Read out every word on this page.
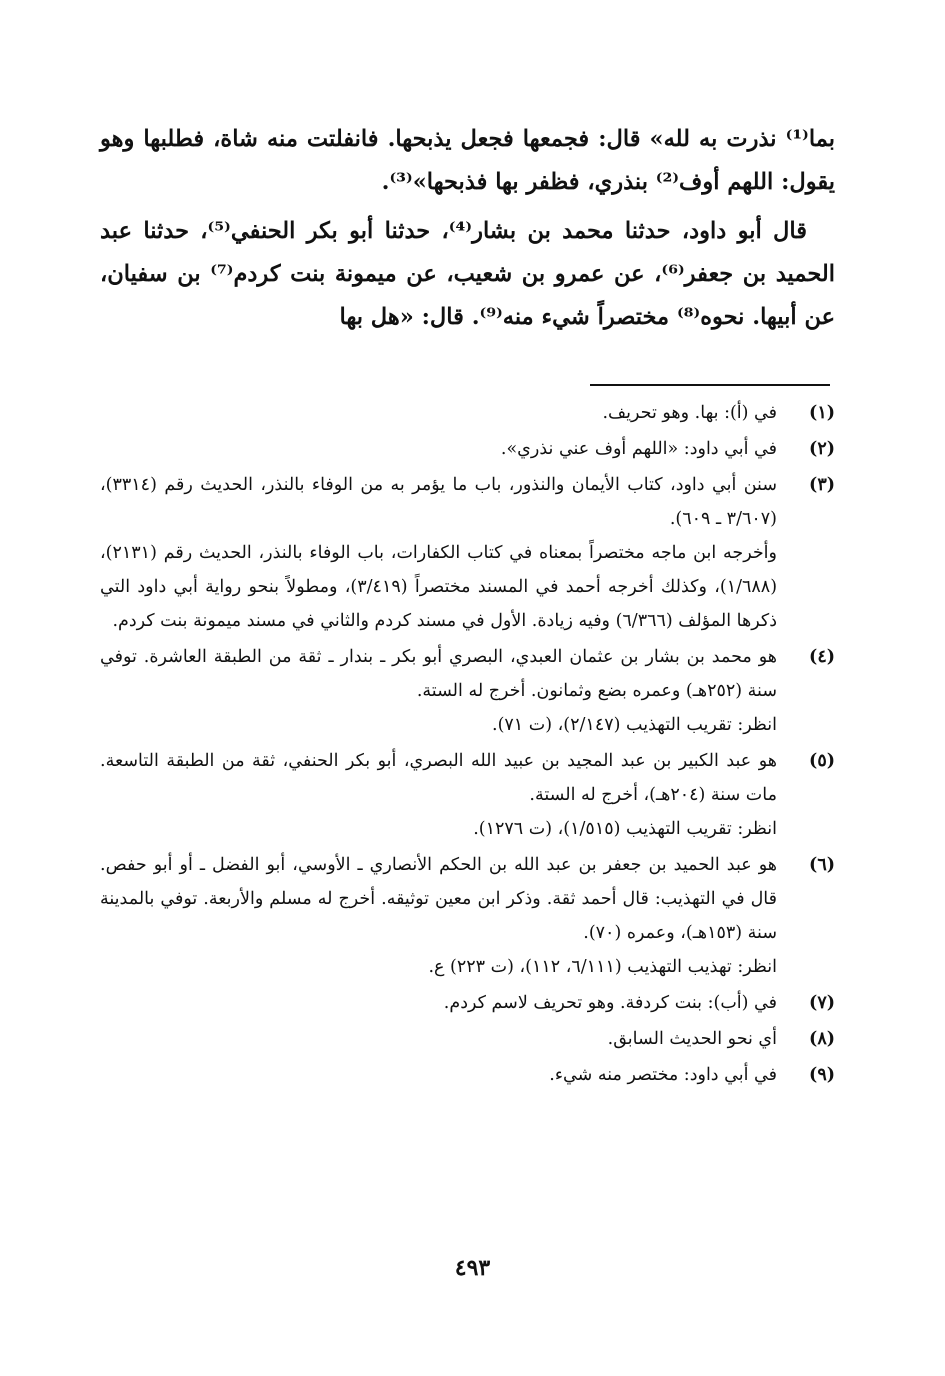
بما⁽¹⁾ نذرت به لله» قال: فجمعها فجعل يذبحها. فانفلتت منه شاة، فطلبها وهو يقول: اللهم أوف⁽²⁾ بنذري، فظفر بها فذبحها»⁽³⁾.

قال أبو داود، حدثنا محمد بن بشار⁽⁴⁾، حدثنا أبو بكر الحنفي⁽⁵⁾، حدثنا عبد الحميد بن جعفر⁽⁶⁾، عن عمرو بن شعيب، عن ميمونة بنت كردم⁽⁷⁾ بن سفيان، عن أبيها. نحوه⁽⁸⁾ مختصراً شيء منه⁽⁹⁾. قال: «هل بها

(١)
في (أ): بها. وهو تحريف.
(٢)
في أبي داود: «اللهم أوف عني نذري».
(٣)
سنن أبي داود، كتاب الأيمان والنذور، باب ما يؤمر به من الوفاء بالنذر، الحديث رقم (٣٣١٤)، (٣/٦٠٧ ـ ٦٠٩).
وأخرجه ابن ماجه مختصراً بمعناه في كتاب الكفارات، باب الوفاء بالنذر، الحديث رقم (٢١٣١)، (١/٦٨٨)، وكذلك أخرجه أحمد في المسند مختصراً (٣/٤١٩)، ومطولاً بنحو رواية أبي داود التي ذكرها المؤلف (٦/٣٦٦) وفيه زيادة. الأول في مسند كردم والثاني في مسند ميمونة بنت كردم.
(٤)
هو محمد بن بشار بن عثمان العبدي، البصري أبو بكر ـ بندار ـ ثقة من الطبقة العاشرة. توفي سنة (٢٥٢هـ) وعمره بضع وثمانون. أخرج له الستة.
انظر: تقريب التهذيب (٢/١٤٧)، (ت ٧١).
(٥)
هو عبد الكبير بن عبد المجيد بن عبيد الله البصري، أبو بكر الحنفي، ثقة من الطبقة التاسعة. مات سنة (٢٠٤هـ)، أخرج له الستة.
انظر: تقريب التهذيب (١/٥١٥)، (ت ١٢٧٦).
(٦)
هو عبد الحميد بن جعفر بن عبد الله بن الحكم الأنصاري ـ الأوسي، أبو الفضل ـ أو أبو حفص. قال في التهذيب: قال أحمد ثقة. وذكر ابن معين توثيقه. أخرج له مسلم والأربعة. توفي بالمدينة سنة (١٥٣هـ)، وعمره (٧٠).
انظر: تهذيب التهذيب (٦/١١١، ١١٢)، (ت ٢٢٣) ع.
(٧)
في (أب): بنت كردفة. وهو تحريف لاسم كردم.
(٨)
أي نحو الحديث السابق.
(٩)
في أبي داود: مختصر منه شيء.
٤٩٣
